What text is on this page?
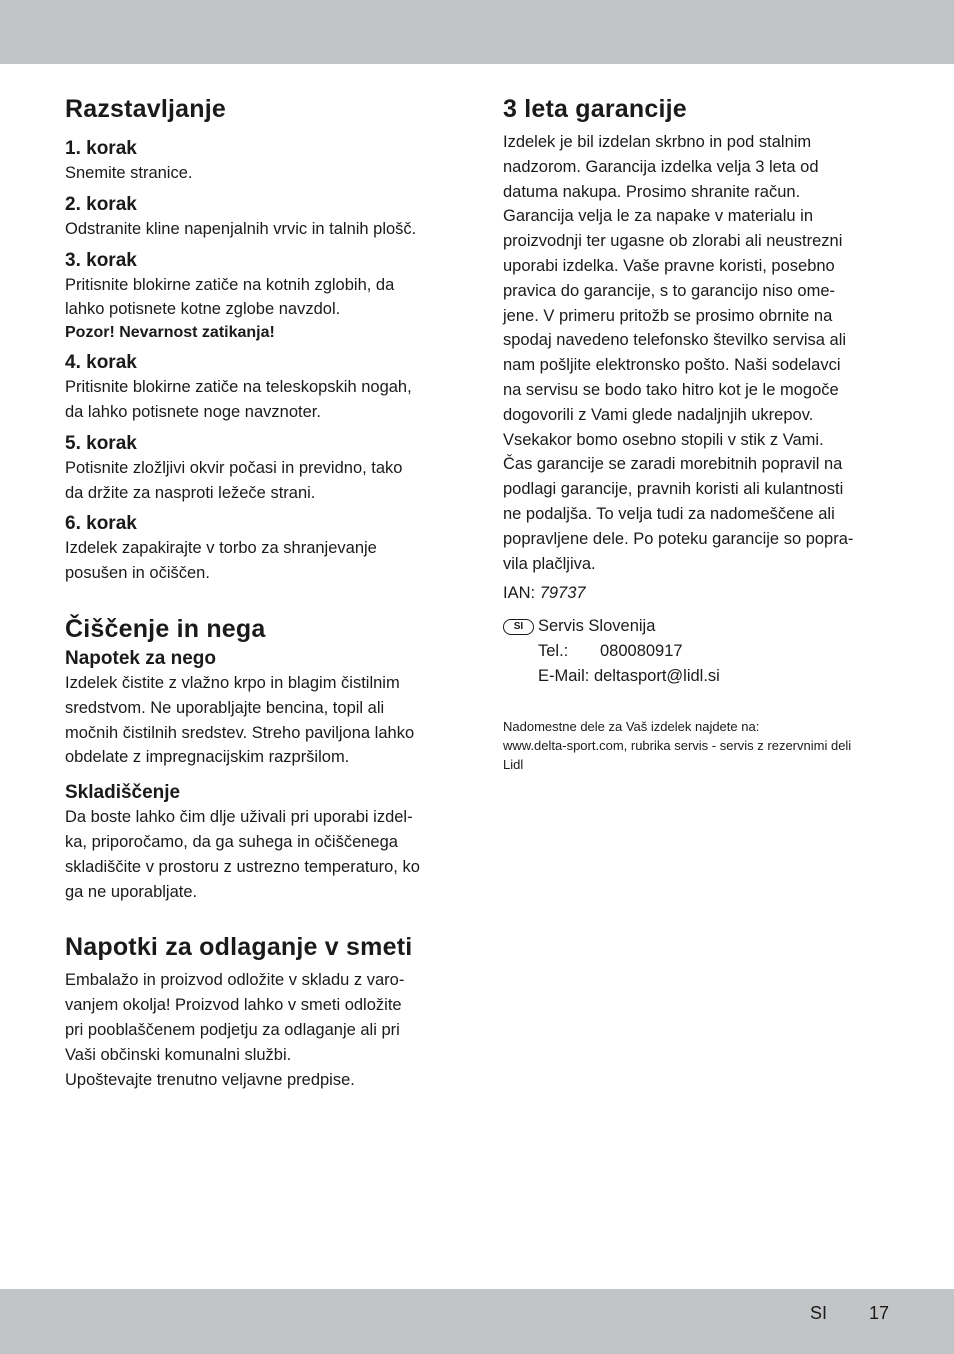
Razstavljanje
1. korak

Snemite stranice.

2. korak

Odstranite kline napenjalnih vrvic in talnih plošč.

3. korak

Pritisnite blokirne zatiče na kotnih zglobih, da

lahko potisnete kotne zglobe navzdol.

Pozor! Nevarnost zatikanja!

4. korak

Pritisnite blokirne zatiče na teleskopskih nogah,

da lahko potisnete noge navznoter.

5. korak

Potisnite zložljivi okvir počasi in previdno, tako

da držite za nasproti ležeče strani.

6. korak

Izdelek zapakirajte v torbo za shranjevanje

posušen in očiščen.

Čiščenje in nega
Napotek za nego

Izdelek čistite z vlažno krpo in blagim čistilnim

sredstvom. Ne uporabljajte bencina, topil ali

močnih čistilnih sredstev. Streho paviljona lahko

obdelate z impregnacijskim razpršilom.

Skladiščenje

Da boste lahko čim dlje uživali pri uporabi izdel-

ka, priporočamo, da ga suhega in očiščenega

skladiščite v prostoru z ustrezno temperaturo, ko

ga ne uporabljate.

Napotki za odlaganje v smeti

Embalažo in proizvod odložite v skladu z varo-

vanjem okolja! Proizvod lahko v smeti odložite

pri pooblaščenem podjetju za odlaganje ali pri

Vaši občinski komunalni službi.

Upoštevajte trenutno veljavne predpise.

3 leta garancije

Izdelek je bil izdelan skrbno in pod stalnim

nadzorom. Garancija izdelka velja 3 leta od

datuma nakupa. Prosimo shranite račun.

Garancija velja le za napake v materialu in

proizvodnji ter ugasne ob zlorabi ali neustrezni

uporabi izdelka. Vaše pravne koristi, posebno

pravica do garancije, s to garancijo niso ome-

jene. V primeru pritožb se prosimo obrnite na

spodaj navedeno telefonsko številko servisa ali

nam pošljite elektronsko pošto. Naši sodelavci

na servisu se bodo tako hitro kot je le mogoče

dogovorili z Vami glede nadaljnjih ukrepov.

Vsekakor bomo osebno stopili v stik z Vami.

Čas garancije se zaradi morebitnih popravil na

podlagi garancije, pravnih koristi ali kulantnosti

ne podaljša. To velja tudi za nadomeščene ali

popravljene dele. Po poteku garancije so popra-

vila plačljiva.

IAN: 79737

SI Servis Slovenija

Tel.: 080080917

E-Mail: deltasport@lidl.si

Nadomestne dele za Vaš izdelek najdete na:

www.delta-sport.com, rubrika servis - servis z rezervnimi deli

Lidl

SI 17
